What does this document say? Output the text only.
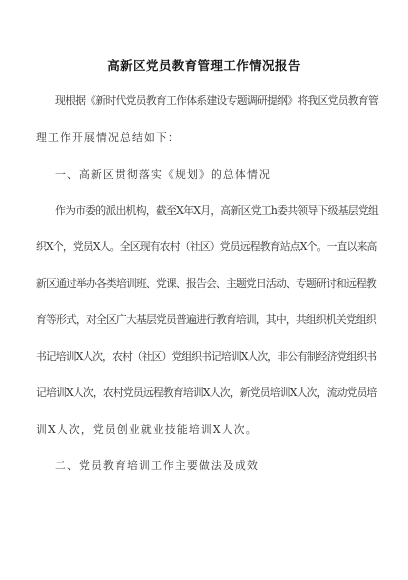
高新区党员教育管理工作情况报告
现根据《新时代党员教育工作体系建设专题调研提纲》将我区党员教育管
理工作开展情况总结如下：
一、高新区贯彻落实《规划》的总体情况
作为市委的派出机构，截至X年X月，高新区党工h委共领导下级基层党组
织X个，党员X人。全区现有农村（社区）党员远程教育站点X个。一直以来高
新区通过举办各类培训班、党课、报告会、主题党日活动、专题研讨和远程教
育等形式，对全区广大基层党员普遍进行教育培训，其中，共组织机关党组织
书记培训X人次，农村（社区）党组织书记培训X人次，非公有制经济党组织书
记培训X人次，农村党员远程教育培训X人次，新党员培训X人次，流动党员培
训X人次，党员创业就业技能培训X人次。
二、党员教育培训工作主要做法及成效
